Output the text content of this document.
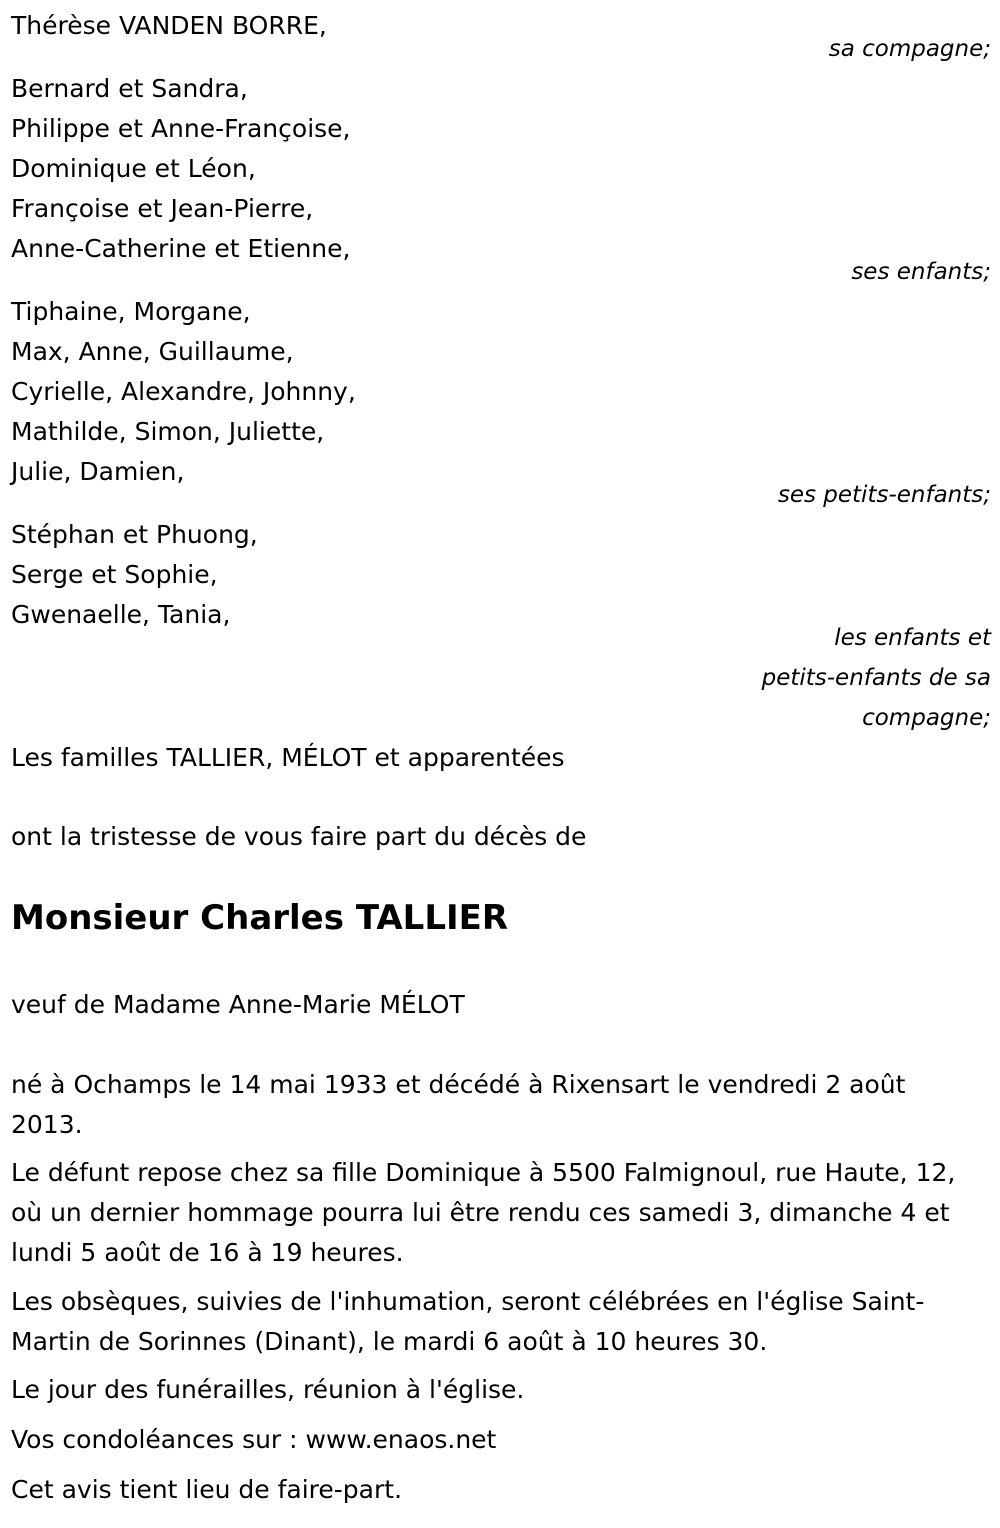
Thérèse VANDEN BORRE,
sa compagne;
Bernard et Sandra,
Philippe et Anne-Françoise,
Dominique et Léon,
Françoise et Jean-Pierre,
Anne-Catherine et Etienne,
ses enfants;
Tiphaine, Morgane,
Max, Anne, Guillaume,
Cyrielle, Alexandre, Johnny,
Mathilde, Simon, Juliette,
Julie, Damien,
ses petits-enfants;
Stéphan et Phuong,
Serge et Sophie,
Gwenaelle, Tania,
les enfants et
petits-enfants de sa
compagne;
Les familles TALLIER, MÉLOT et apparentées
ont la tristesse de vous faire part du décès de
Monsieur Charles TALLIER
veuf de Madame Anne-Marie MÉLOT

né à Ochamps le 14 mai 1933 et décédé à Rixensart le vendredi 2 août 2013.

Le défunt repose chez sa fille Dominique à 5500 Falmignoul, rue Haute, 12, où un dernier hommage pourra lui être rendu ces samedi 3, dimanche 4 et lundi 5 août de 16 à 19 heures.

Les obsèques, suivies de l'inhumation, seront célébrées en l'église Saint-Martin de Sorinnes (Dinant), le mardi 6 août à 10 heures 30.

Le jour des funérailles, réunion à l'église.

Vos condoléances sur : www.enaos.net

Cet avis tient lieu de faire-part.
